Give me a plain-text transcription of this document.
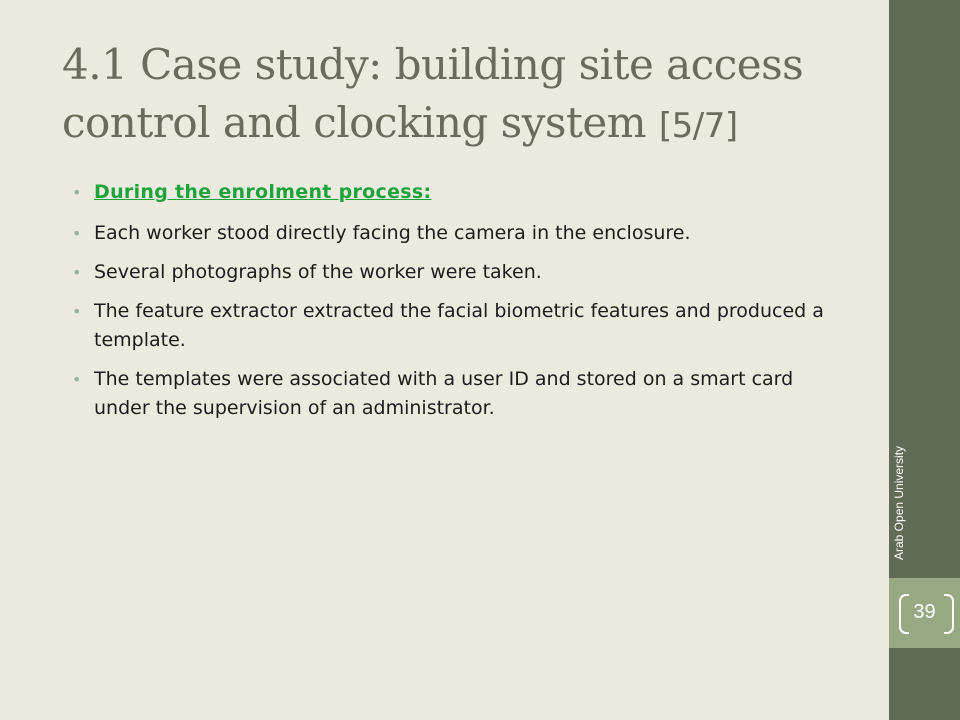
4.1 Case study: building site access control and clocking system [5/7]
• During the enrolment process:
• Each worker stood directly facing the camera in the enclosure.
• Several photographs of the worker were taken.
• The feature extractor extracted the facial biometric features and produced a template.
• The templates were associated with a user ID and stored on a smart card under the supervision of an administrator.
Arab Open University
39
